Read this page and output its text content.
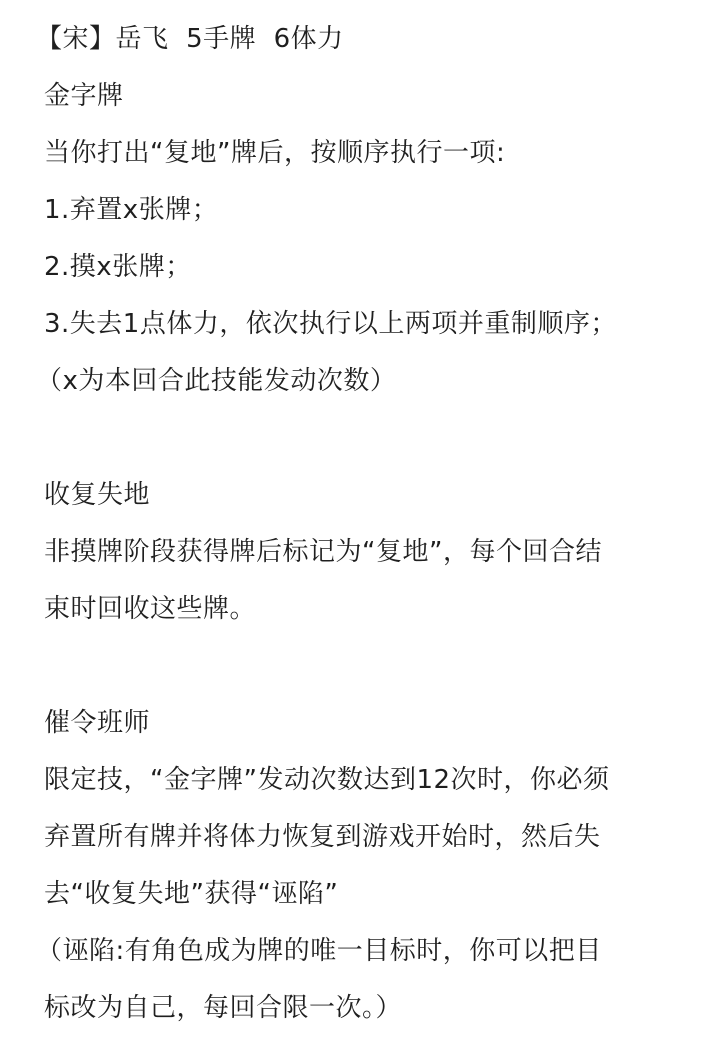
【宋】岳飞 5手牌 6体力
金字牌
当你打出“复地”牌后，按顺序执行一项:
1.弃置x张牌；
2.摸x张牌；
3.失去1点体力，依次执行以上两项并重制顺序；
（x为本回合此技能发动次数）
收复失地
非摸牌阶段获得牌后标记为“复地”，每个回合结
束时回收这些牌。
催令班师
限定技，“金字牌”发动次数达到12次时，你必须
弃置所有牌并将体力恢复到游戏开始时，然后失
去“收复失地”获得“诬陷”
（诬陷:有角色成为牌的唯一目标时，你可以把目
标改为自己，每回合限一次。）
